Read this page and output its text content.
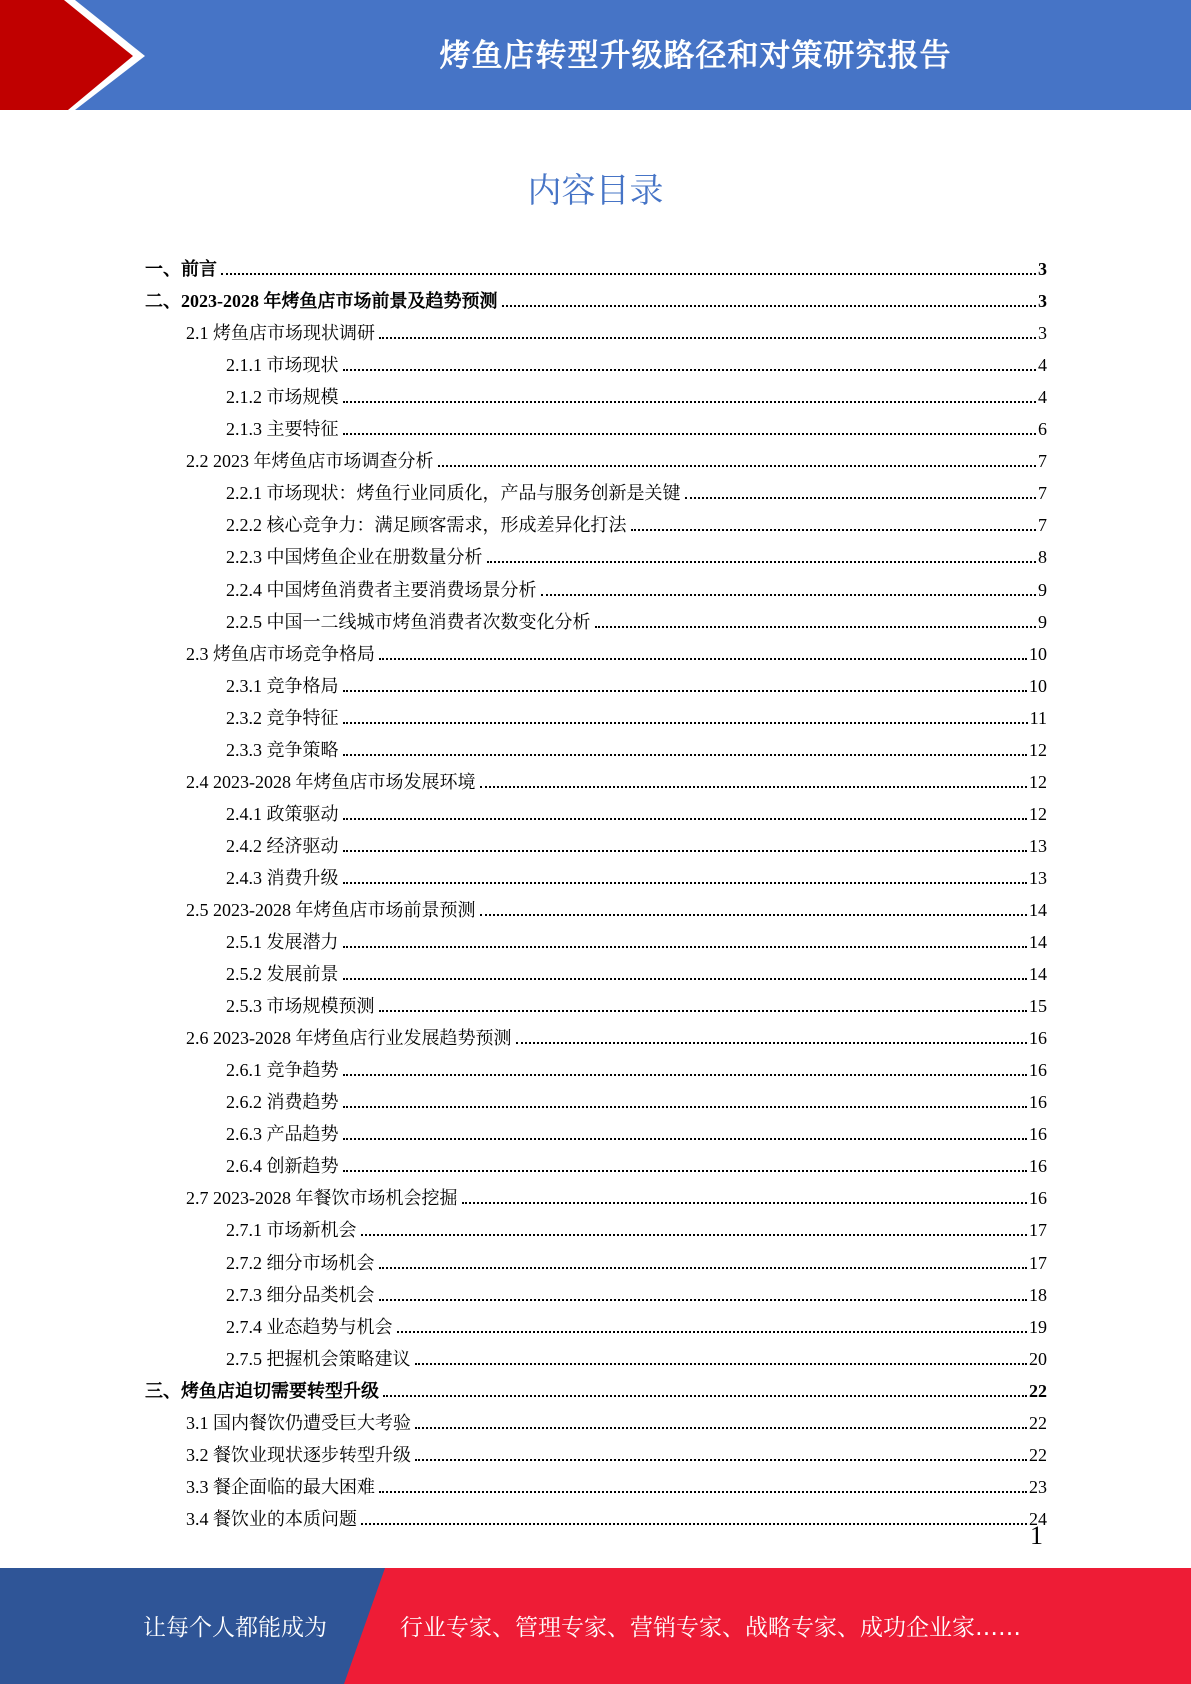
烤鱼店转型升级路径和对策研究报告
内容目录
一、前言	3
二、2023-2028 年烤鱼店市场前景及趋势预测	3
2.1 烤鱼店市场现状调研	3
2.1.1 市场现状	4
2.1.2 市场规模	4
2.1.3 主要特征	6
2.2 2023 年烤鱼店市场调查分析	7
2.2.1 市场现状：烤鱼行业同质化，产品与服务创新是关键	7
2.2.2 核心竞争力：满足顾客需求，形成差异化打法	7
2.2.3 中国烤鱼企业在册数量分析	8
2.2.4 中国烤鱼消费者主要消费场景分析	9
2.2.5 中国一二线城市烤鱼消费者次数变化分析	9
2.3 烤鱼店市场竞争格局	10
2.3.1 竞争格局	10
2.3.2 竞争特征	11
2.3.3 竞争策略	12
2.4 2023-2028 年烤鱼店市场发展环境	12
2.4.1 政策驱动	12
2.4.2 经济驱动	13
2.4.3 消费升级	13
2.5 2023-2028 年烤鱼店市场前景预测	14
2.5.1 发展潜力	14
2.5.2 发展前景	14
2.5.3 市场规模预测	15
2.6 2023-2028 年烤鱼店行业发展趋势预测	16
2.6.1 竞争趋势	16
2.6.2 消费趋势	16
2.6.3 产品趋势	16
2.6.4 创新趋势	16
2.7 2023-2028 年餐饮市场机会挖掘	16
2.7.1 市场新机会	17
2.7.2 细分市场机会	17
2.7.3 细分品类机会	18
2.7.4 业态趋势与机会	19
2.7.5 把握机会策略建议	20
三、烤鱼店迫切需要转型升级	22
3.1 国内餐饮仍遭受巨大考验	22
3.2 餐饮业现状逐步转型升级	22
3.3 餐企面临的最大困难	23
3.4 餐饮业的本质问题	24
1
让每个人都能成为	行业专家、管理专家、营销专家、战略专家、成功企业家……
